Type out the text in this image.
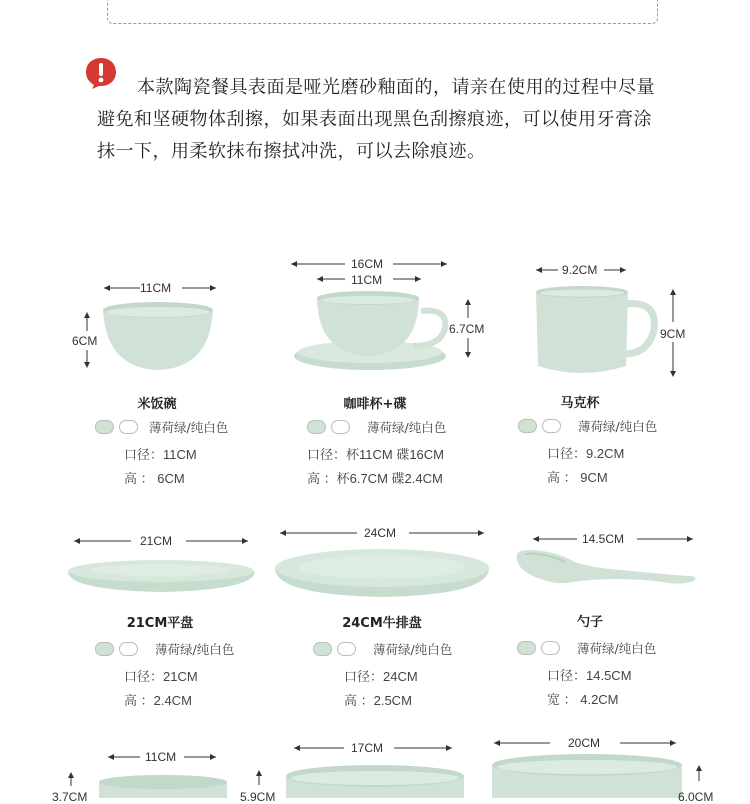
本款陶瓷餐具表面是哑光磨砂釉面的，请亲在使用的过程中尽量
避免和坚硬物体刮擦，如果表面出现黑色刮擦痕迹，可以使用牙膏涂
抹一下，用柔软抹布擦拭冲洗，可以去除痕迹。
11CM
6CM
米饭碗
薄荷绿/纯白色
口径：11CM
高 ： 6CM
16CM
11CM
6.7CM
咖啡杯+碟
薄荷绿/纯白色
口径：杯11CM 碟16CM
高 ：杯6.7CM 碟2.4CM
9.2CM
9CM
马克杯
薄荷绿/纯白色
口径：9.2CM
高 ： 9CM
21CM
21CM平盘
薄荷绿/纯白色
口径：21CM
高 ：2.4CM
24CM
24CM牛排盘
薄荷绿/纯白色
口径：24CM
高 ：2.5CM
14.5CM
勺子
薄荷绿/纯白色
口径：14.5CM
宽 ： 4.2CM
11CM
3.7CM
17CM
5.9CM
20CM
6.0CM
